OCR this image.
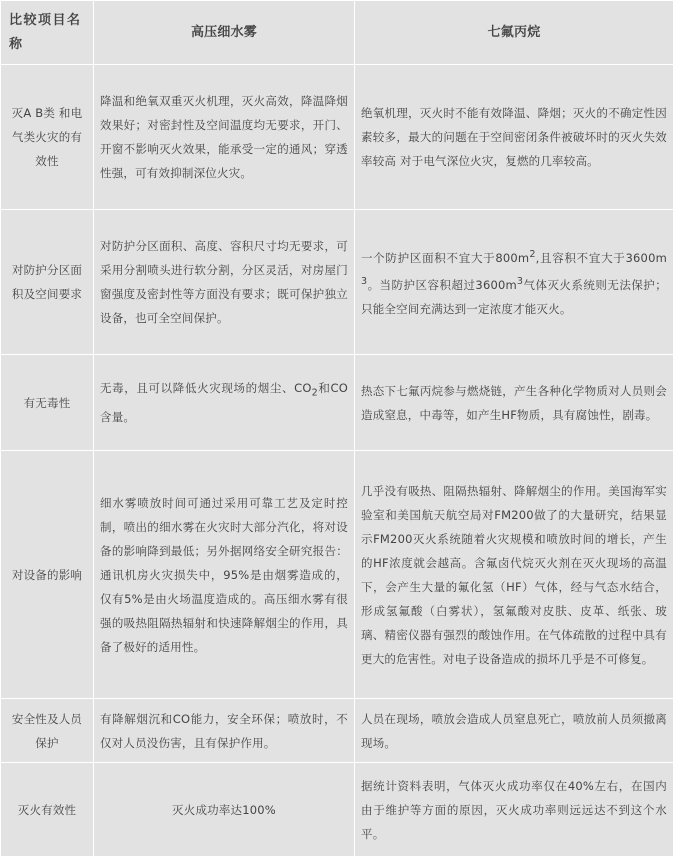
比较项目名称	高压细水雾	七氟丙烷

灭A B类 和电气类火灾的有效性	降温和绝氧双重灭火机理，灭火高效，降温降烟效果好；对密封性及空间温度均无要求，开门、开窗不影响灭火效果，能承受一定的通风；穿透性强，可有效抑制深位火灾。	绝氧机理，灭火时不能有效降温、降烟；灭火的不确定性因素较多，最大的问题在于空间密闭条件被破坏时的灭火失效率较高 对于电气深位火灾，复燃的几率较高。

对防护分区面积及空间要求	对防护分区面积、高度、容积尺寸均无要求，可采用分割喷头进行软分割，分区灵活，对房屋门窗强度及密封性等方面没有要求；既可保护独立设备，也可全空间保护。	一个防护区面积不宜大于$800m^2$,且容积不宜大于$3600m^3$。当防护区容积超过$3600m^3$气体灭火系统则无法保护；只能全空间充满达到一定浓度才能灭火。

有无毒性	无毒，且可以降低火灾现场的烟尘、$CO_2$和CO含量。	热态下七氟丙烷参与燃烧链，产生各种化学物质对人员则会造成窒息，中毒等，如产生HF物质，具有腐蚀性，剧毒。

对设备的影响	细水雾喷放时间可通过采用可靠工艺及定时控制，喷出的细水雾在火灾时大部分汽化，将对设备的影响降到最低；另外据网络安全研究报告：通讯机房火灾损失中，95%是由烟雾造成的，仅有5%是由火场温度造成的。高压细水雾有很强的吸热阻隔热辐射和快速降解烟尘的作用，具备了极好的适用性。	几乎没有吸热、阻隔热辐射、降解烟尘的作用。美国海军实验室和美国航天航空局对FM200做了的大量研究，结果显示FM200灭火系统随着火灾规模和喷放时间的增长，产生的HF浓度就会越高。含氟卤代烷灭火剂在灭火现场的高温下，会产生大量的氟化氢（HF）气体，经与气态水结合，形成氢氟酸（白雾状），氢氟酸对皮肤、皮革、纸张、玻璃、精密仪器有强烈的酸蚀作用。在气体疏散的过程中具有更大的危害性。对电子设备造成的损坏几乎是不可修复。

安全性及人员保护	有降解烟沉和CO能力，安全环保；喷放时，不仅对人员没伤害，且有保护作用。	人员在现场，喷放会造成人员窒息死亡，喷放前人员须撤离现场。

灭火有效性	灭火成功率达100%	据统计资料表明，气体灭火成功率仅在40%左右，在国内由于维护等方面的原因，灭火成功率则远远达不到这个水平。
